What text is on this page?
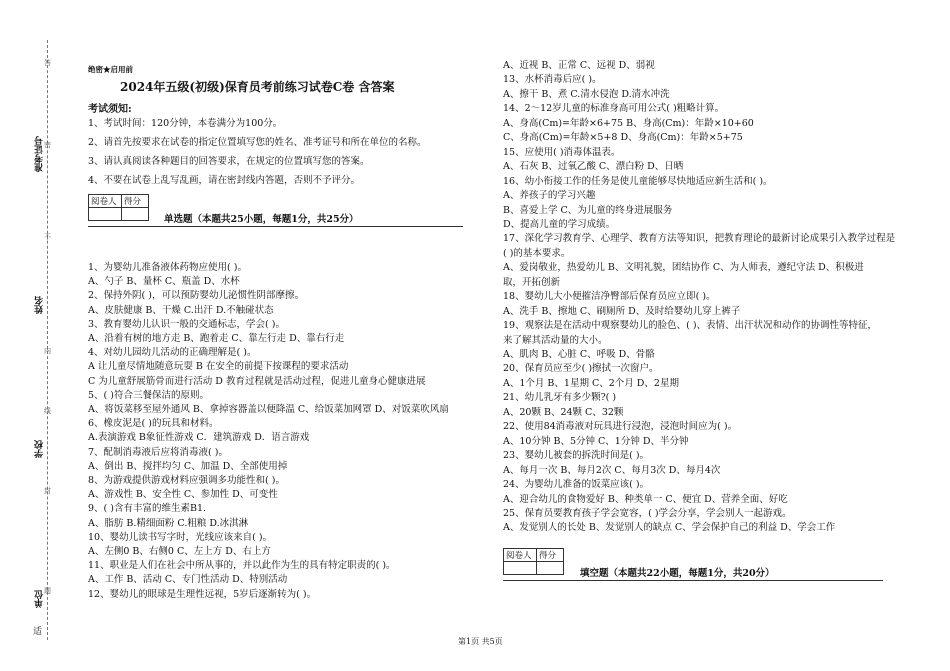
答
密
不
内
线
封
题
准考证号
姓名
学校
单位
适
绝密★启用前
2024年五级(初级)保育员考前练习试卷C卷 含答案
考试须知:
1、考试时间：120分钟，本卷满分为100分。
2、请首先按要求在试卷的指定位置填写您的姓名、准考证号和所在单位的名称。
3、请认真阅读各种题目的回答要求，在规定的位置填写您的答案。
4、不要在试卷上乱写乱画，请在密封线内答题，否则不予评分。
阅卷人	得分

单选题（本题共25小题，每题1分，共25分）
1、为婴幼儿准备液体药物应使用( )。
A、勺子 B、量杯 C、瓶盖 D、水杯
2、保持外阴( )，可以预防婴幼儿泌惯性阴部摩擦。
A、皮肤健康 B、干燥 C.出汗 D.不触碰状态
3、教育婴幼儿认识一般的交通标志，学会( )。
A、沿着有树的地方走 B、跑着走 C、靠左行走 D、靠右行走
4、对幼儿园幼儿活动的正确理解是( )。
A 让儿童尽情地随意玩耍 B 在安全的前提下按课程的要求活动
C 为儿童舒展筋骨而进行活动 D 教育过程就是活动过程，促进儿童身心健康进展
5、( )符合三餐保洁的原则。
A、将饭菜移至屋外通风 B、拿掉容器盖以便降温 C、给饭菜加网罩 D、对饭菜吹风扇
6、橡皮泥是( )的玩具和材料。
A.表演游戏 B象征性游戏 C．建筑游戏 D．语言游戏
7、配制消毒液后应将消毒液( )。
A、倒出 B、搅拌均匀 C、加温 D、全部使用掉
8、为游戏提供游戏材料应强调多功能性和( )。
A、游戏性 B、安全性 C、参加性 D、可变性
9、( )含有丰富的维生素B1.
A、脂肪 B.精细面粉 C.粗粮 D.冰淇淋
10、婴幼儿读书写字时，光线应该来自( )。
A、左侧0 B、右侧0 C、左上方 D、右上方
11、职业是人们在社会中所从事的，并以此作为生的具有特定职责的( )。
A、工作 B、活动 C、专门性活动 D、特别活动
12、婴幼儿的眼球是生理性远视，5岁后逐渐转为( )。
A、近视 B、正常 C、远视 D、弱视
13、水杯消毒后应( )。
A、擦干 B、煮 C.清水侵泡 D.清水冲洗
14、2～12岁儿童的标准身高可用公式( )粗略计算。
A、身高(Cm)=年龄×6+75 B、身高(Cm)：年龄×10+60
C、身高(Cm)=年龄×5+8 D、身高(Cm)：年龄×5+75
15、应使用( )消毒体温表。
A、石灰 B、过氧乙酸 C、漂白粉 D、日晒
16、幼小衔接工作的任务是使儿童能够尽快地适应新生活和( )。
A、养孩子的学习兴趣
B、喜爱上学 C、为儿童的终身进展服务
D、提高儿童的学习成绩。
17、深化学习教育学、心理学、教育方法等知识，把教育理论的最新讨论成果引入教学过程是
( )的基本要求。
A、爱岗敬业，热爱幼儿 B、文明礼貌，团结协作 C、为人师表，遵纪守法 D、积极进
取，开拓创新
18、婴幼儿大小便摧洁净臀部后保育员应立即( )。
A、洗手 B、擦地 C、刷厕所 D、及时给婴幼儿穿上裤子
19、观察法是在活动中观察婴幼儿的脸色、( )、表情、出汗状况和动作的协调性等特征，
来了解其活动量的大小。
A、肌肉 B、心脏 C、呼吸 D、骨骼
20、保育员应至少( )擦拭一次窗户。
A、1个月 B、1星期 C、2个月 D、2星期
21、幼儿乳牙有多少颗?( )
A、20颗 B、24颗 C、32颗
22、使用84消毒液对玩具进行浸泡，浸泡时间应为( )。
A、10分钟 B、5分钟 C、1分钟 D、半分钟
23、婴幼儿被套的拆洗时间是( )。
A、每月一次 B、每月2次 C、每月3次 D、每月4次
24、为婴幼儿准备的饭菜应该( )。
A、迎合幼儿的食物爱好 B、种类单一 C、便宜 D、营养全面、好吃
25、保育员要教育孩子学会宽容，( )学会分享，学会别人一起游戏。
A、发觉别人的长处 B、发觉别人的缺点 C、学会保护自己的利益 D、学会工作
阅卷人	得分

填空题（本题共22小题，每题1分，共20分）
第1页 共5页
